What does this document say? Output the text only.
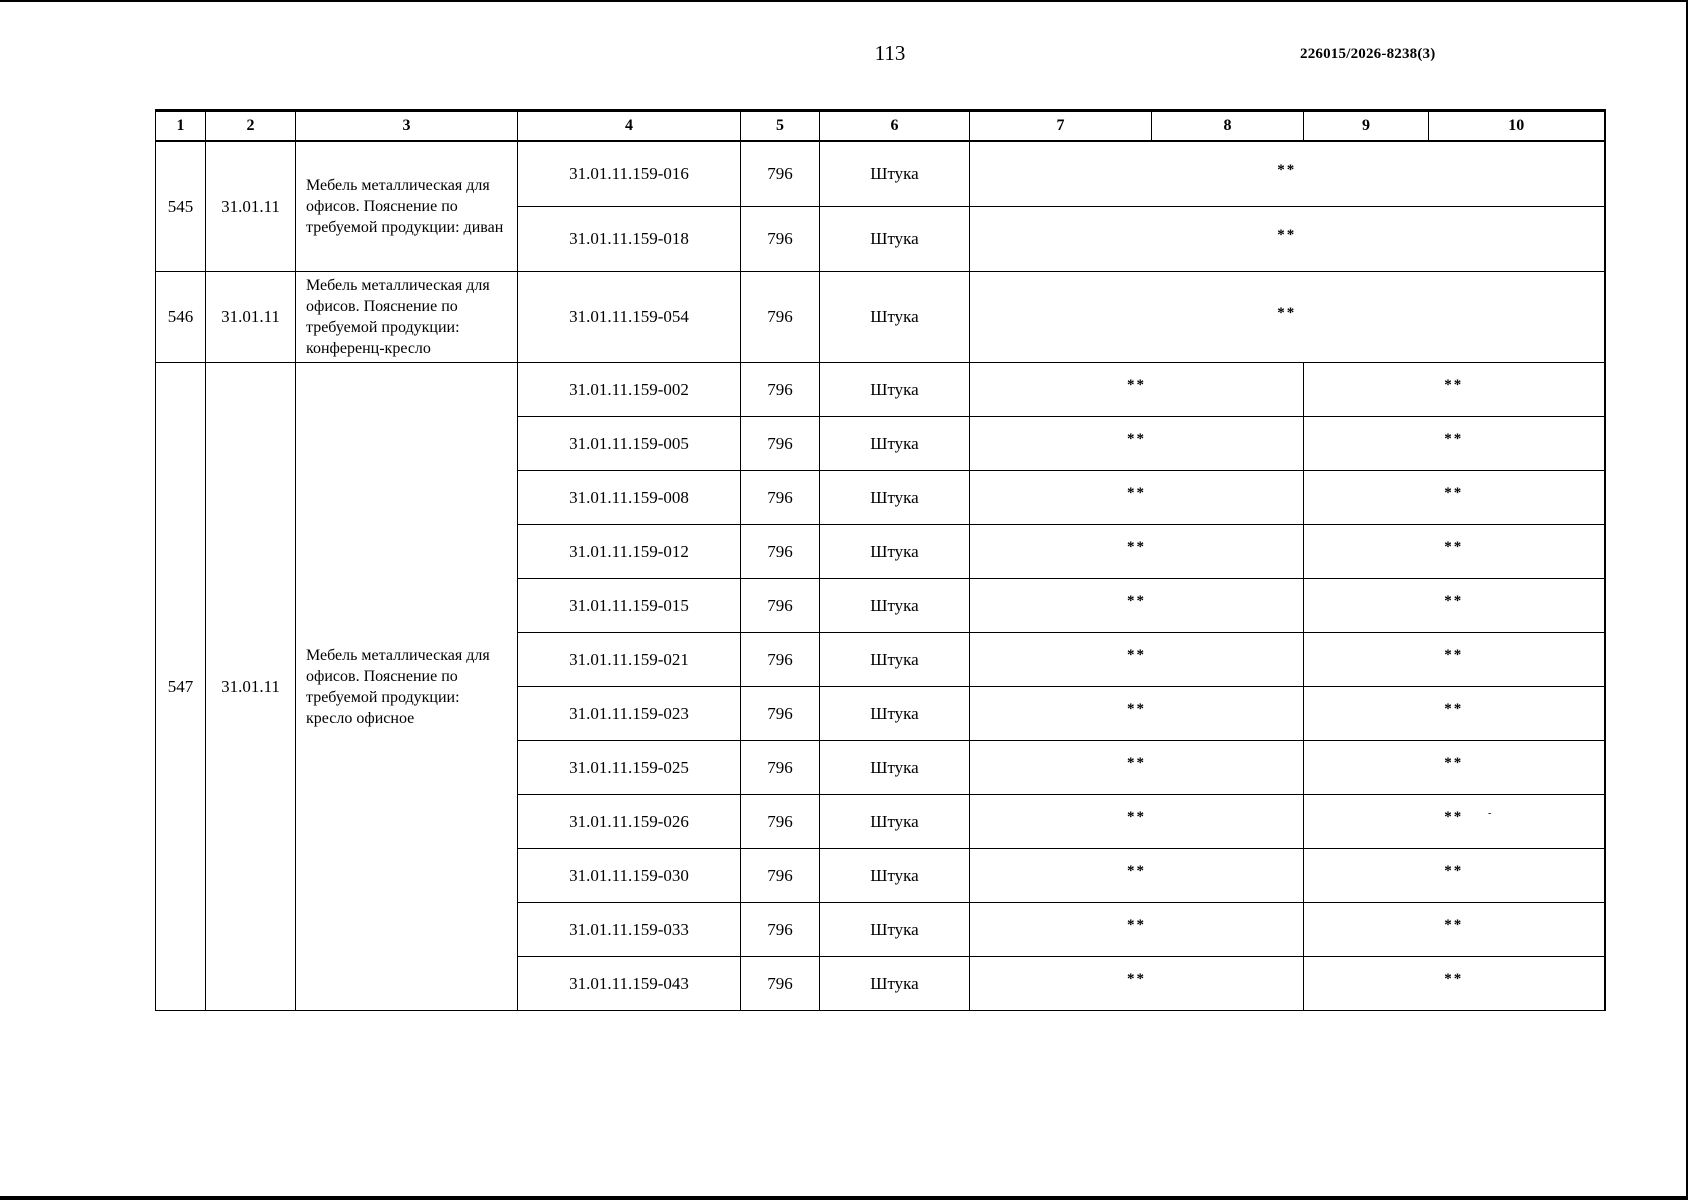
113	226015/2026-8238(3)
-
1	2	3	4	5	6	7	8	9	10
545	31.01.11	Мебель металлическая для офисов. Пояснение по требуемой продукции: диван	31.01.11.159-016	796	Штука	**			
			31.01.11.159-018	796	Штука	**			
546	31.01.11	Мебель металлическая для офисов. Пояснение по требуемой продукции: конференц-кресло	31.01.11.159-054	796	Штука	**			
547	31.01.11	Мебель металлическая для офисов. Пояснение по требуемой продукции: кресло офисное	31.01.11.159-002	796	Штука	**		**	
			31.01.11.159-005	796	Штука	**		**	
			31.01.11.159-008	796	Штука	**		**	
			31.01.11.159-012	796	Штука	**		**	
			31.01.11.159-015	796	Штука	**		**	
			31.01.11.159-021	796	Штука	**		**	
			31.01.11.159-023	796	Штука	**		**	
			31.01.11.159-025	796	Штука	**		**	
			31.01.11.159-026	796	Штука	**		**	
			31.01.11.159-030	796	Штука	**		**	
			31.01.11.159-033	796	Штука	**		**	
			31.01.11.159-043	796	Штука	**		**	
